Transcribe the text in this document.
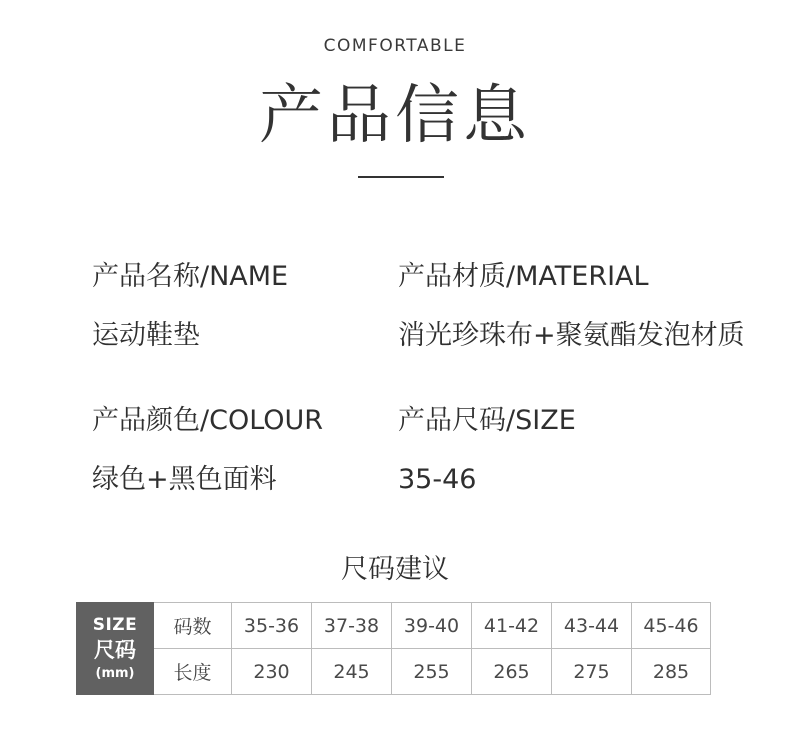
COMFORTABLE
产品信息
产品名称/NAME	产品材质/MATERIAL
运动鞋垫	消光珍珠布+聚氨酯发泡材质
产品颜色/COLOUR	产品尺码/SIZE
绿色+黑色面料	35-46
尺码建议
SIZE
尺码
(mm)	码数	35-36	37-38	39-40	41-42	43-44	45-46
	长度	230	245	255	265	275	285
